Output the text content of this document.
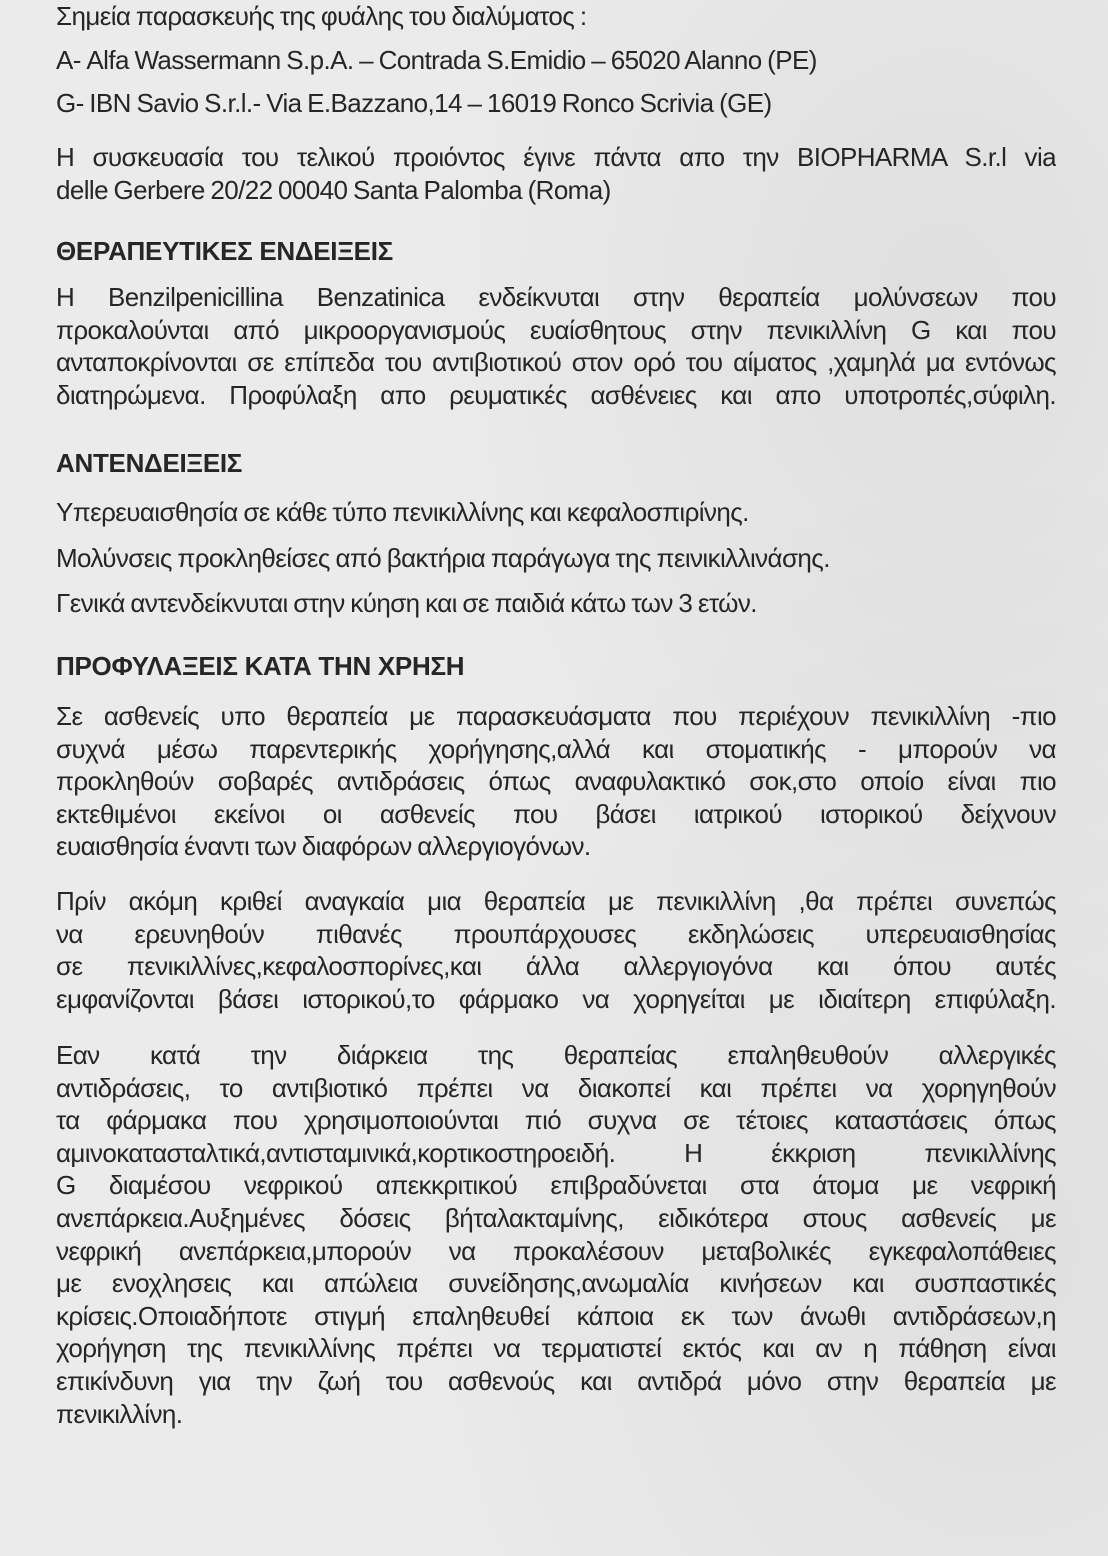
Σημεία παρασκευής της φυάλης του διαλύματος :
Α- Alfa Wassermann S.p.A. – Contrada S.Emidio – 65020 Alanno (PE)
G- IBN Savio S.r.l.- Via E.Bazzano,14 – 16019 Ronco Scrivia (GE)
Η συσκευασία του τελικού προιόντος έγινε πάντα απο την BIOPHARMA S.r.l via
delle Gerbere 20/22 00040 Santa Palomba (Roma)
ΘΕΡΑΠΕΥΤΙΚΕΣ ΕΝΔΕΙΞΕΙΣ
Η Benzilpenicillina Benzatinica ενδείκνυται στην θεραπεία μολύνσεων που
προκαλούνται από μικροοργανισμούς ευαίσθητους στην πενικιλλίνη G και που
ανταποκρίνονται σε επίπεδα του αντιβιοτικού στον ορό του αίματος ,χαμηλά μα εντόνως
διατηρώμενα. Προφύλαξη απο ρευματικές ασθένειες και απο υποτροπές,σύφιλη.
ΑΝΤΕΝΔΕΙΞΕΙΣ
Υπερευαισθησία σε κάθε τύπο πενικιλλίνης και κεφαλοσπιρίνης.
Μολύνσεις προκληθείσες από βακτήρια παράγωγα της πεινικιλλινάσης.
Γενικά αντενδείκνυται στην κύηση και σε παιδιά κάτω των 3 ετών.
ΠΡΟΦΥΛΑΞΕΙΣ ΚΑΤΑ ΤΗΝ ΧΡΗΣΗ
Σε ασθενείς υπο θεραπεία με παρασκευάσματα που περιέχουν πενικιλλίνη -πιο
συχνά μέσω παρεντερικής χορήγησης,αλλά και στοματικής - μπορούν να
προκληθούν σοβαρές αντιδράσεις όπως αναφυλακτικό σοκ,στο οποίο είναι πιο
εκτεθιμένοι εκείνοι οι ασθενείς που βάσει ιατρικού ιστορικού δείχνουν
ευαισθησία έναντι των διαφόρων αλλεργιογόνων.
Πρίν ακόμη κριθεί αναγκαία μια θεραπεία με πενικιλλίνη ,θα πρέπει συνεπώς
να ερευνηθούν πιθανές προυπάρχουσες εκδηλώσεις υπερευαισθησίας
σε πενικιλλίνες,κεφαλοσπορίνες,και άλλα αλλεργιογόνα και όπου αυτές
εμφανίζονται βάσει ιστορικού,το φάρμακο να χορηγείται με ιδιαίτερη επιφύλαξη.
Εαν κατά την διάρκεια της θεραπείας επαληθευθούν αλλεργικές
αντιδράσεις, το αντιβιοτικό πρέπει να διακοπεί και πρέπει να χορηγηθούν
τα φάρμακα που χρησιμοποιούνται πιό συχνα σε τέτοιες καταστάσεις όπως
αμινοκατασταλτικά,αντισταμινικά,κορτικοστηροειδή. Η έκκριση πενικιλλίνης
G διαμέσου νεφρικού απεκκριτικού επιβραδύνεται στα άτομα με νεφρική
ανεπάρκεια.Αυξημένες δόσεις βήταλακταμίνης, ειδικότερα στους ασθενείς με
νεφρική ανεπάρκεια,μπορούν να προκαλέσουν μεταβολικές εγκεφαλοπάθειες
με ενοχλησεις και απώλεια συνείδησης,ανωμαλία κινήσεων και συσπαστικές
κρίσεις.Οποιαδήποτε στιγμή επαληθευθεί κάποια εκ των άνωθι αντιδράσεων,η
χορήγηση της πενικιλλίνης πρέπει να τερματιστεί εκτός και αν η πάθηση είναι
επικίνδυνη για την ζωή του ασθενούς και αντιδρά μόνο στην θεραπεία με
πενικιλλίνη.
